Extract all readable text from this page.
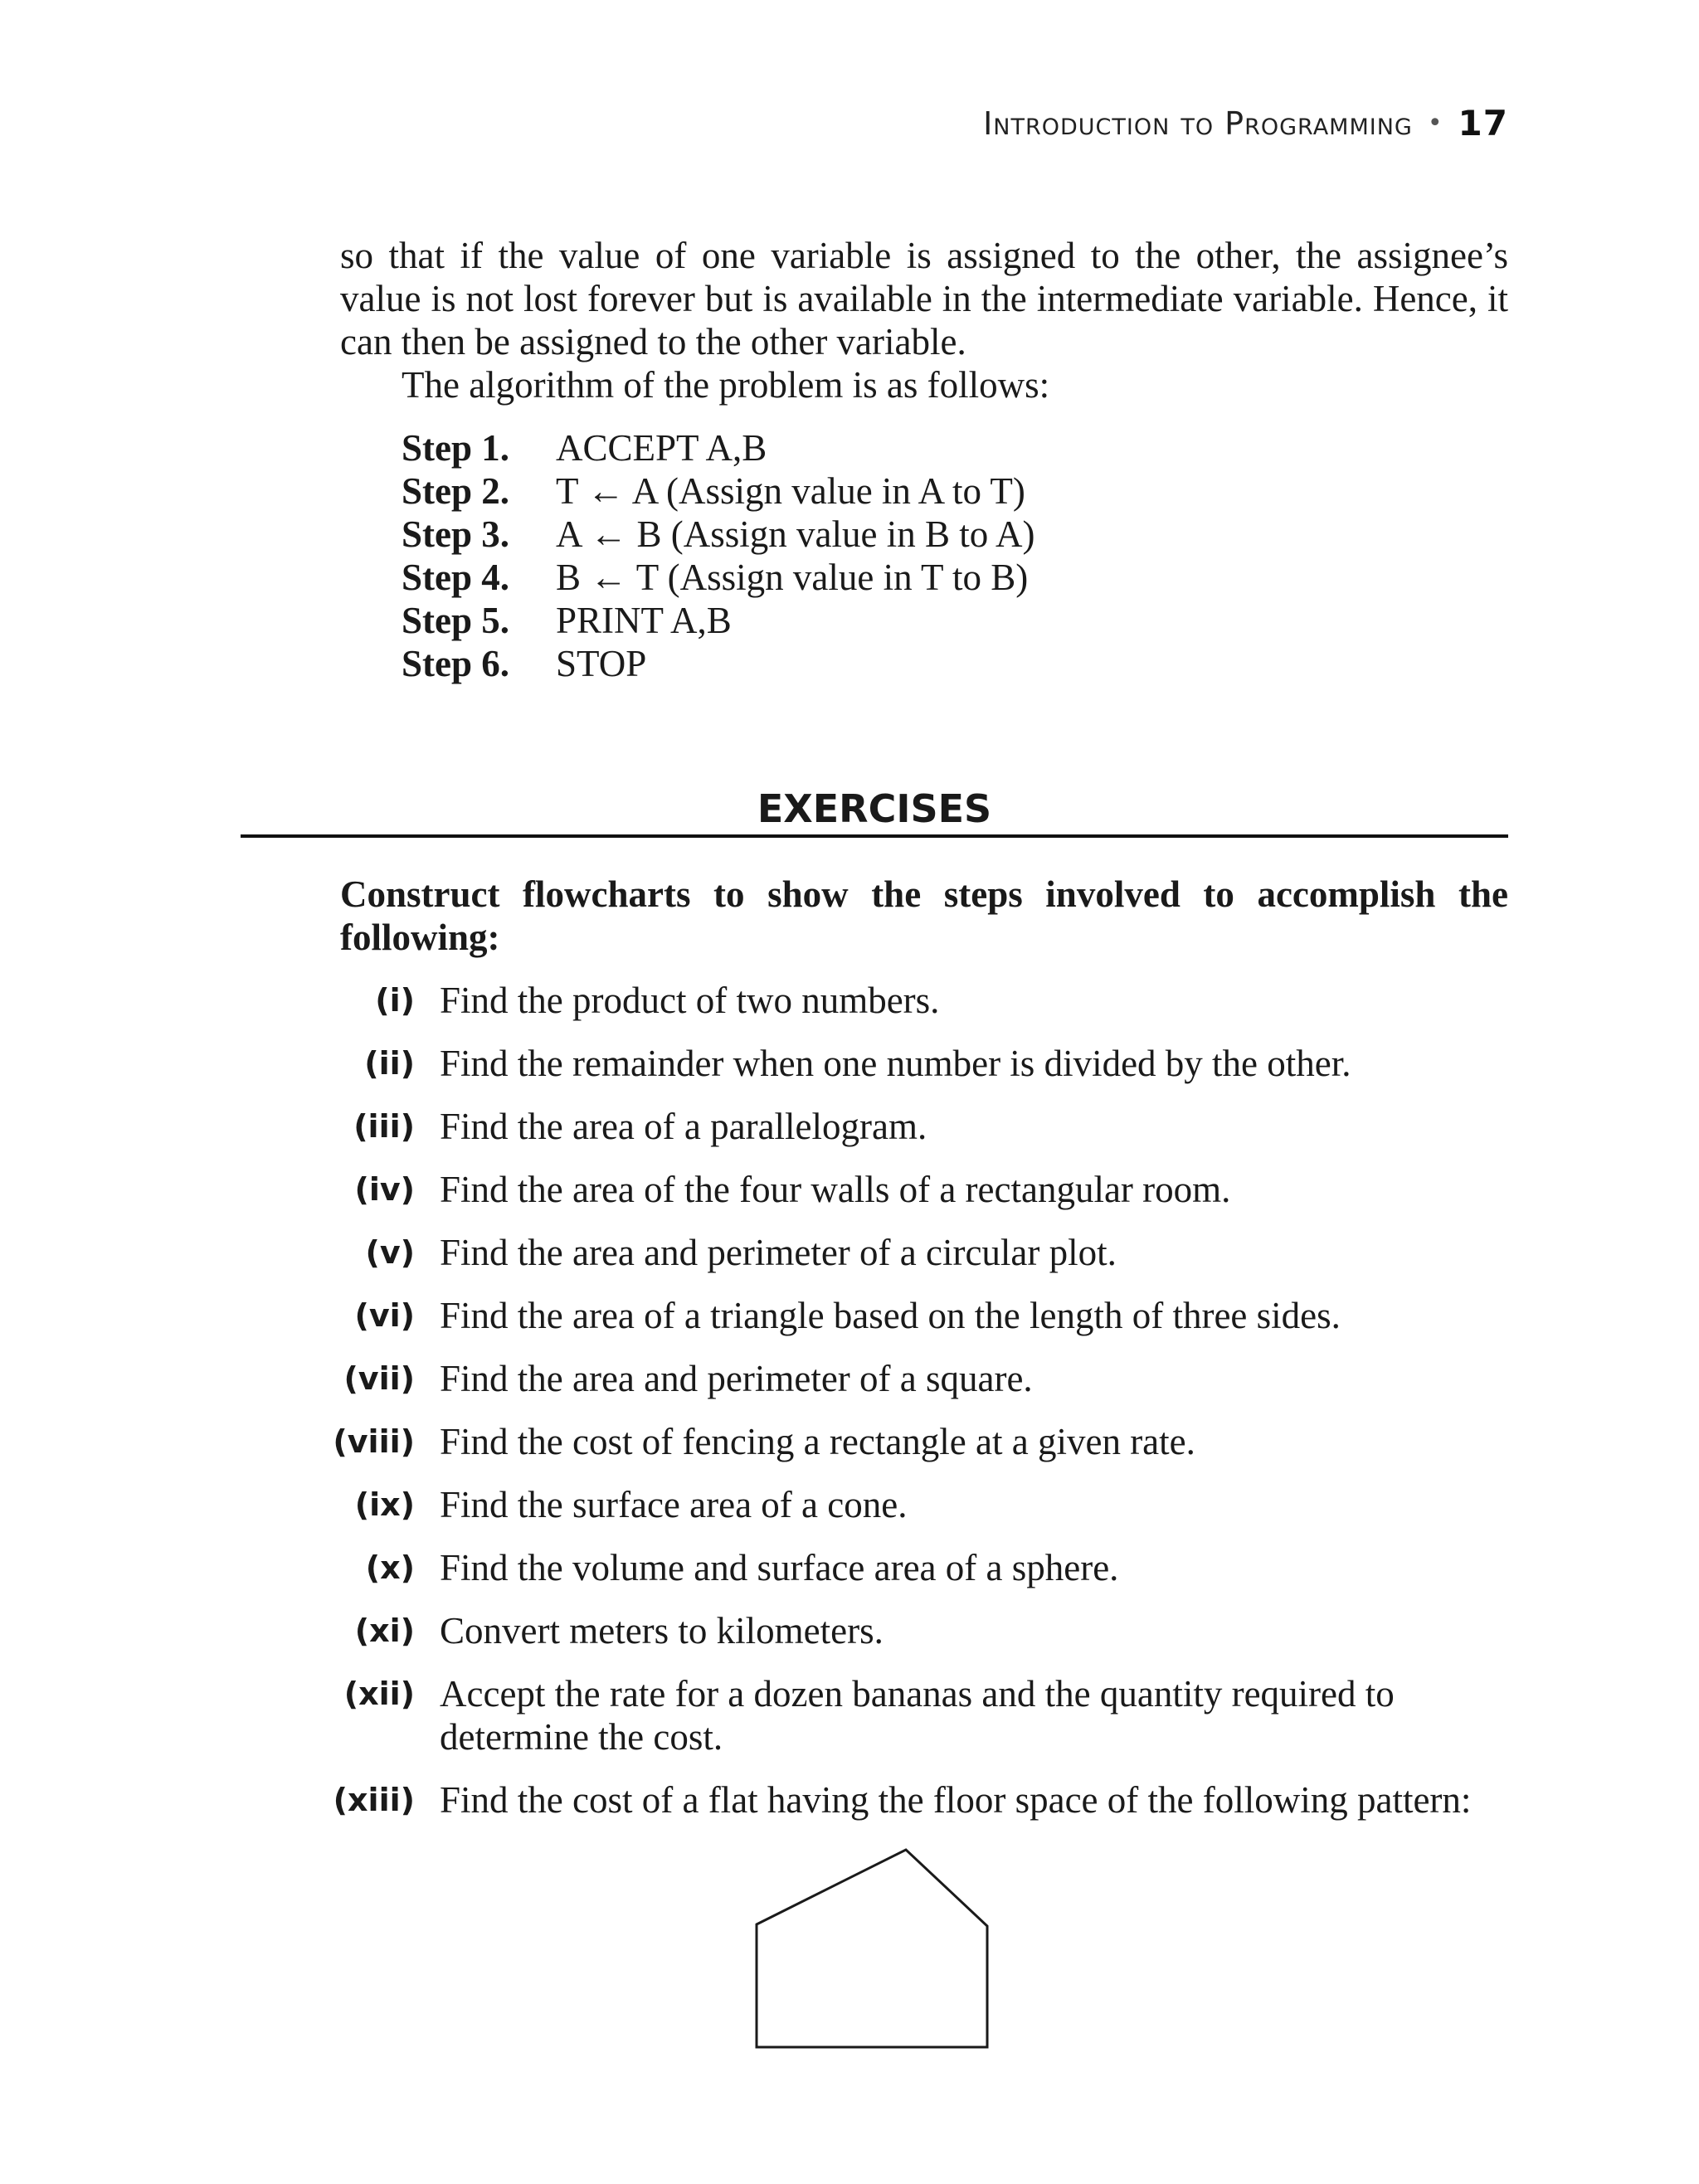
Introduction to Programming • 17

so that if the value of one variable is assigned to the other, the assignee’s value is not lost forever but is available in the intermediate variable. Hence, it can then be assigned to the other variable.

The algorithm of the problem is as follows:

Step 1.	ACCEPT A,B
Step 2.	T ← A (Assign value in A to T)
Step 3.	A ← B (Assign value in B to A)
Step 4.	B ← T (Assign value in T to B)
Step 5.	PRINT A,B
Step 6.	STOP
EXERCISES
Construct flowcharts to show the steps involved to accomplish the following:
(i) Find the product of two numbers.
(ii) Find the remainder when one number is divided by the other.
(iii) Find the area of a parallelogram.
(iv) Find the area of the four walls of a rectangular room.
(v) Find the area and perimeter of a circular plot.
(vi) Find the area of a triangle based on the length of three sides.
(vii) Find the area and perimeter of a square.
(viii) Find the cost of fencing a rectangle at a given rate.
(ix) Find the surface area of a cone.
(x) Find the volume and surface area of a sphere.
(xi) Convert meters to kilometers.
(xii) Accept the rate for a dozen bananas and the quantity required to determine the cost.
(xiii) Find the cost of a flat having the floor space of the following pattern:
